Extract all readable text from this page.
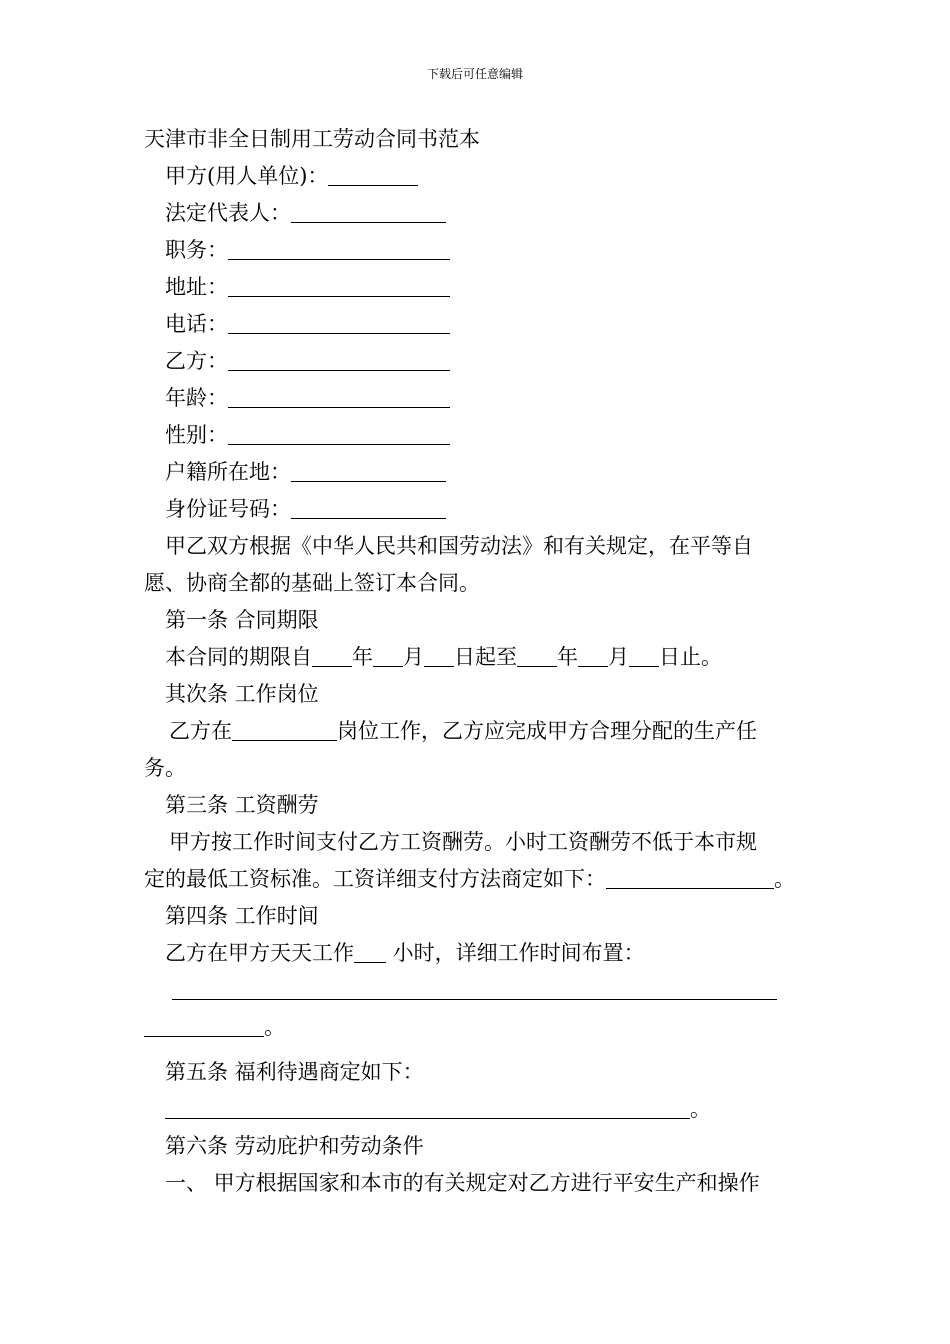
下载后可任意编辑
天津市非全日制用工劳动合同书范本
甲方(用人单位)：
法定代表人：
职务：
地址：
电话：
乙方：
年龄：
性别：
户籍所在地：
身份证号码：
甲乙双方根据《中华人民共和国劳动法》和有关规定，在平等自
愿、协商全都的基础上签订本合同。
第一条 合同期限
本合同的期限自 年 月 日起至 年 月 日止。
其次条 工作岗位
乙方在	岗位工作，乙方应完成甲方合理分配的生产任
务。
第三条 工资酬劳
甲方按工作时间支付乙方工资酬劳。小时工资酬劳不低于本市规
定的最低工资标准。工资详细支付方法商定如下：	。
第四条 工作时间
乙方在甲方天天工作 小时，详细工作时间布置：
。
第五条 福利待遇商定如下：
。
第六条 劳动庇护和劳动条件
一、 甲方根据国家和本市的有关规定对乙方进行平安生产和操作
